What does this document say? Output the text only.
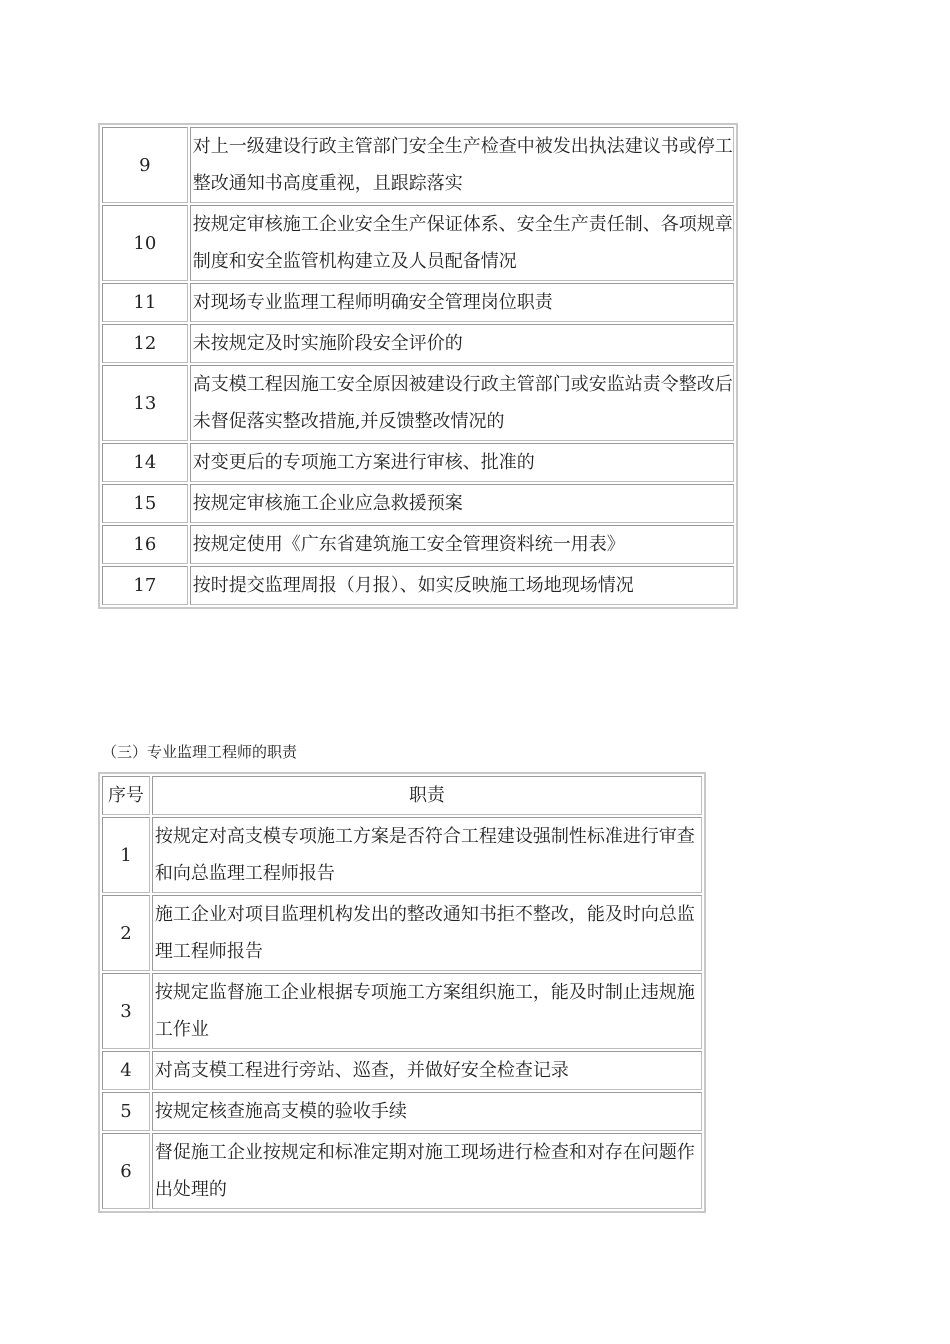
9	对上一级建设行政主管部门安全生产检查中被发出执法建议书或停工整改通知书高度重视，且跟踪落实
10	按规定审核施工企业安全生产保证体系、安全生产责任制、各项规章制度和安全监管机构建立及人员配备情况
11	对现场专业监理工程师明确安全管理岗位职责
12	未按规定及时实施阶段安全评价的
13	高支模工程因施工安全原因被建设行政主管部门或安监站责令整改后未督促落实整改措施,并反馈整改情况的
14	对变更后的专项施工方案进行审核、批准的
15	按规定审核施工企业应急救援预案
16	按规定使用《广东省建筑施工安全管理资料统一用表》
17	按时提交监理周报（月报）、如实反映施工场地现场情况
（三）专业监理工程师的职责
序号	职责
1	按规定对高支模专项施工方案是否符合工程建设强制性标准进行审查和向总监理工程师报告
2	施工企业对项目监理机构发出的整改通知书拒不整改，能及时向总监理工程师报告
3	按规定监督施工企业根据专项施工方案组织施工，能及时制止违规施工作业
4	对高支模工程进行旁站、巡查，并做好安全检查记录
5	按规定核查施高支模的验收手续
6	督促施工企业按规定和标准定期对施工现场进行检查和对存在问题作出处理的
